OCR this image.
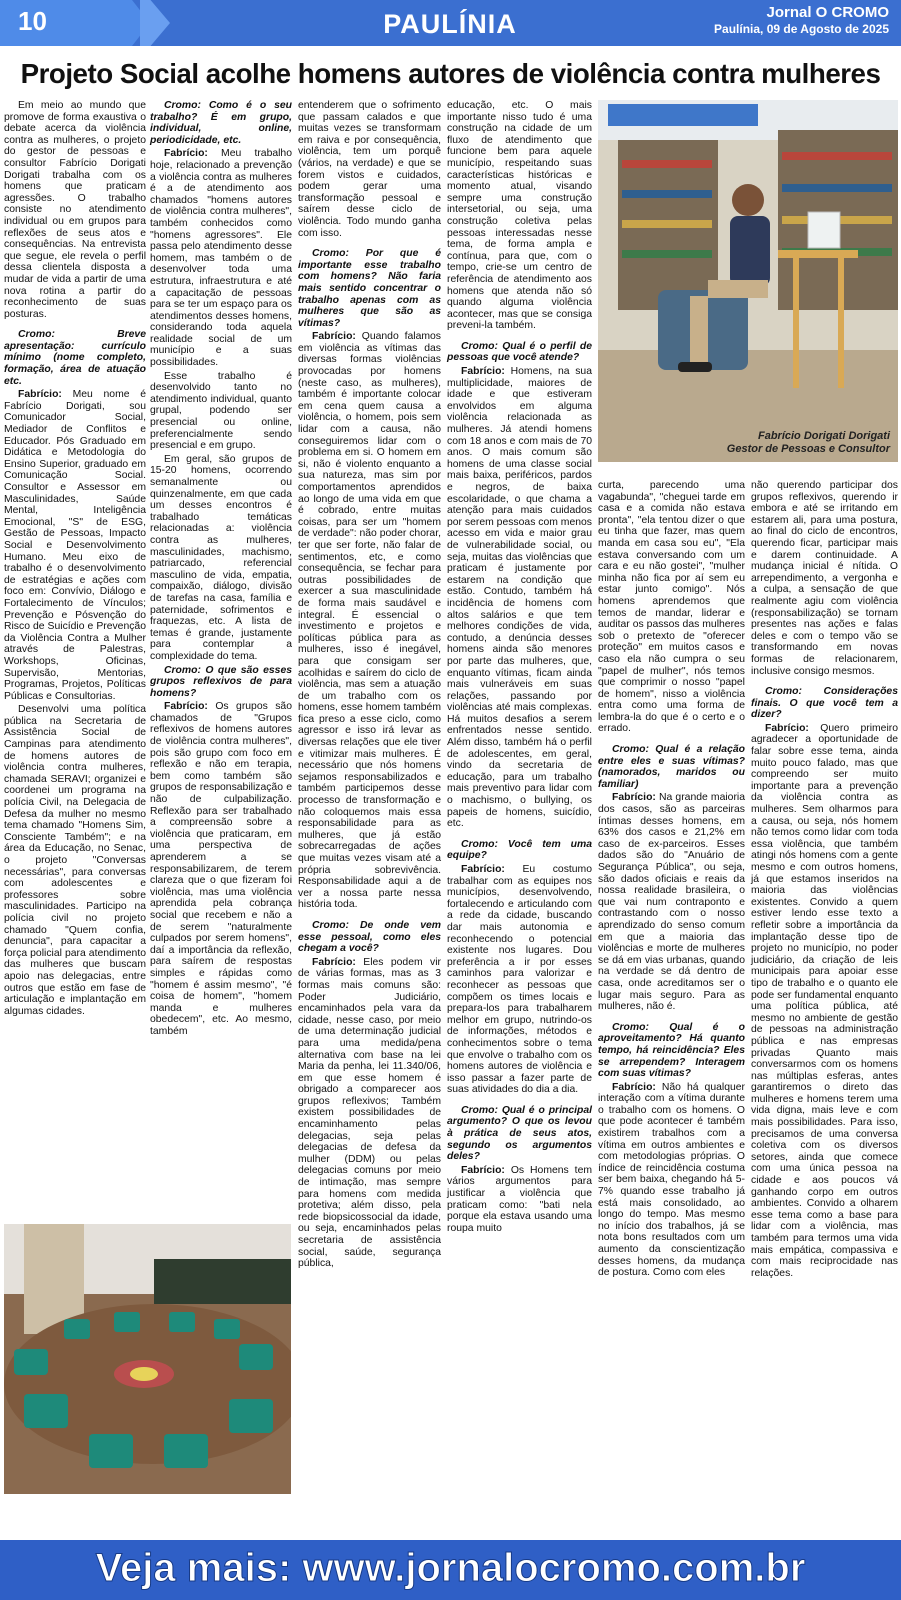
10	PAULÍNIA	Jornal O CROMO
Paulínia, 09 de Agosto de 2025
Projeto Social acolhe homens autores de violência contra mulheres

Em meio ao mundo que promove de forma exaustiva o debate acerca da violência contra as mulheres, o projeto do gestor de pessoas e consultor Fabrício Dorigati Dorigati trabalha com os homens que praticam agressões. O trabalho consiste no atendimento individual ou em grupos para reflexões de seus atos e consequências. Na entrevista que segue, ele revela o perfil dessa clientela disposta a mudar de vida a partir de uma nova rotina a partir do reconhecimento de suas posturas.

Cromo: Breve apresentação: currículo mínimo (nome completo, formação, área de atuação etc.

Fabrício: Meu nome é Fabrício Dorigati, sou Comunicador Social, Mediador de Conflitos e Educador. Pós Graduado em Didática e Metodologia do Ensino Superior, graduado em Comunicação Social. Consultor e Assessor em Masculinidades, Saúde Mental, Inteligência Emocional, "S" de ESG, Gestão de Pessoas, Impacto Social e Desenvolvimento Humano. Meu eixo de trabalho é o desenvolvimento de estratégias e ações com foco em: Convívio, Diálogo e Fortalecimento de Vínculos; Prevenção e Pósvenção do Risco de Suicídio e Prevenção da Violência Contra a Mulher através de Palestras, Workshops, Oficinas, Supervisão, Mentorias, Programas, Projetos, Políticas Públicas e Consultorias.

Desenvolvi uma política pública na Secretaria de Assistência Social de Campinas para atendimento de homens autores de violência contra mulheres, chamada SERAVI; organizei e coordenei um programa na polícia Civil, na Delegacia de Defesa da mulher no mesmo tema chamado "Homens Sim, Consciente Também"; e na área da Educação, no Senac, o projeto "Conversas necessárias", para conversas com adolescentes e professores sobre masculinidades. Participo na polícia civil no projeto chamado "Quem confia, denuncia", para capacitar a força policial para atendimento das mulheres que buscam apoio nas delegacias, entre outros que estão em fase de articulação e implantação em algumas cidades.

Cromo: Como é o seu trabalho? É em grupo, individual, online, periodicidade, etc.

Fabrício: Meu trabalho hoje, relacionado a prevenção a violência contra as mulheres é a de atendimento aos chamados "homens autores de violência contra mulheres", também conhecidos como "homens agressores". Ele passa pelo atendimento desse homem, mas também o de desenvolver toda uma estrutura, infraestrutura e até a capacitação de pessoas para se ter um espaço para os atendimentos desses homens, considerando toda aquela realidade social de um município e a suas possibilidades.

Esse trabalho é desenvolvido tanto no atendimento individual, quanto grupal, podendo ser presencial ou online, preferencialmente sendo presencial e em grupo.

Em geral, são grupos de 15-20 homens, ocorrendo semanalmente ou quinzenalmente, em que cada um desses encontros é trabalhado temáticas relacionadas a: violência contra as mulheres, masculinidades, machismo, patriarcado, referencial masculino de vida, empatia, compaixão, diálogo, divisão de tarefas na casa, família e paternidade, sofrimentos e fraquezas, etc. A lista de temas é grande, justamente para contemplar a complexidade do tema.

Cromo: O que são esses grupos reflexivos de para homens?

Fabrício: Os grupos são chamados de "Grupos reflexivos de homens autores de violência contra mulheres", pois são grupo com foco em reflexão e não em terapia, bem como também são grupos de responsabilização e não de culpabilização. Reflexão para ser trabalhado a compreensão sobre a violência que praticaram, em uma perspectiva de aprenderem a se responsabilizarem, de terem clareza que o que fizeram foi violência, mas uma violência aprendida pela cobrança social que recebem e não a de serem "naturalmente culpados por serem homens", daí a importância da reflexão, para saírem de respostas simples e rápidas como "homem é assim mesmo", "é coisa de homem", "homem manda e mulheres obedecem", etc. Ao mesmo, também

entenderem que o sofrimento que passam calados e que muitas vezes se transformam em raiva e por consequência, violência, tem um porquê (vários, na verdade) e que se forem vistos e cuidados, podem gerar uma transformação pessoal e saírem desse ciclo de violência. Todo mundo ganha com isso.

Cromo: Por que é importante esse trabalho com homens? Não faria mais sentido concentrar o trabalho apenas com as mulheres que são as vítimas?

Fabrício: Quando falamos em violência as vítimas das diversas formas violências provocadas por homens (neste caso, as mulheres), também é importante colocar em cena quem causa a violência, o homem, pois sem lidar com a causa, não conseguiremos lidar com o problema em si. O homem em si, não é violento enquanto a sua natureza, mas sim por comportamentos aprendidos ao longo de uma vida em que é cobrado, entre muitas coisas, para ser um "homem de verdade": não poder chorar, ter que ser forte, não falar de sentimentos, etc, e como consequência, se fechar para outras possibilidades de exercer a sua masculinidade de forma mais saudável e integral. É essencial o investimento e projetos e políticas pública para as mulheres, isso é inegável, para que consigam ser acolhidas e saírem do ciclo de violência, mas sem a atuação de um trabalho com os homens, esse homem também fica preso a esse ciclo, como agressor e isso irá levar as diversas relações que ele tiver e vitimizar mais mulheres. É necessário que nós homens sejamos responsabilizados e também participemos desse processo de transformação e não coloquemos mais essa responsabilidade para as mulheres, que já estão sobrecarregadas de ações que muitas vezes visam até a própria sobrevivência. Responsabilidade aqui a de ver a nossa parte nessa história toda.

Cromo: De onde vem esse pessoal, como eles chegam a você?

Fabrício: Eles podem vir de várias formas, mas as 3 formas mais comuns são: Poder Judiciário, encaminhados pela vara da cidade, nesse caso, por meio de uma determinação judicial para uma medida/pena alternativa com base na lei Maria da penha, lei 11.340/06, em que esse homem é obrigado a comparecer aos grupos reflexivos; Também existem possibilidades de encaminhamento pelas delegacias, seja pelas delegacias de defesa da mulher (DDM) ou pelas delegacias comuns por meio de intimação, mas sempre para homens com medida protetiva; além disso, pela rede biopsicossocial da idade, ou seja, encaminhados pelas secretaria de assistência social, saúde, segurança pública,

educação, etc. O mais importante nisso tudo é uma construção na cidade de um fluxo de atendimento que funcione bem para aquele município, respeitando suas características históricas e momento atual, visando sempre uma construção intersetorial, ou seja, uma construção coletiva pelas pessoas interessadas nesse tema, de forma ampla e contínua, para que, com o tempo, crie-se um centro de referência de atendimento aos homens que atenda não só quando alguma violência acontecer, mas que se consiga preveni-la também.

Cromo: Qual é o perfil de pessoas que você atende?

Fabrício: Homens, na sua multiplicidade, maiores de idade e que estiveram envolvidos em alguma violência relacionada as mulheres. Já atendi homens com 18 anos e com mais de 70 anos. O mais comum são homens de uma classe social mais baixa, periféricos, pardos e negros, de baixa escolaridade, o que chama a atenção para mais cuidados por serem pessoas com menos acesso em vida e maior grau de vulnerabilidade social, ou seja, muitas das violências que praticam é justamente por estarem na condição que estão. Contudo, também há incidência de homens com altos salários e que tem melhores condições de vida, contudo, a denúncia desses homens ainda são menores por parte das mulheres, que, enquanto vítimas, ficam ainda mais vulneráveis em suas relações, passando por violências até mais complexas. Há muitos desafios a serem enfrentados nesse sentido. Além disso, também há o perfil de adolescentes, em geral, vindo da secretaria de educação, para um trabalho mais preventivo para lidar com o machismo, o bullying, os papeis de homens, suicídio, etc.

Cromo: Você tem uma equipe?

Fabrício: Eu costumo trabalhar com as equipes nos municípios, desenvolvendo, fortalecendo e articulando com a rede da cidade, buscando dar mais autonomia e reconhecendo o potencial existente nos lugares. Dou preferência a ir por esses caminhos para valorizar e reconhecer as pessoas que compõem os times locais e prepara-los para trabalharem melhor em grupo, nutrindo-os de informações, métodos e conhecimentos sobre o tema que envolve o trabalho com os homens autores de violência e isso passar a fazer parte de suas atividades do dia a dia.

Cromo: Qual é o principal argumento? O que os levou à prática de seus atos, segundo os argumentos deles?

Fabrício: Os Homens tem vários argumentos para justificar a violência que praticam como: "bati nela porque ela estava usando uma roupa muito

curta, parecendo uma vagabunda", "cheguei tarde em casa e a comida não estava pronta", "ela tentou dizer o que eu tinha que fazer, mas quem manda em casa sou eu", "Ela estava conversando com um cara e eu não gostei", "mulher minha não fica por aí sem eu estar junto comigo". Nós homens aprendemos que temos de mandar, liderar e auditar os passos das mulheres sob o pretexto de "oferecer proteção" em muitos casos e caso ela não cumpra o seu "papel de mulher", nós temos que comprimir o nosso "papel de homem", nisso a violência entra como uma forma de lembra-la do que é o certo e o errado.

Cromo: Qual é a relação entre eles e suas vítimas? (namorados, maridos ou familiar)

Fabrício: Na grande maioria dos casos, são as parceiras íntimas desses homens, em 63% dos casos e 21,2% em caso de ex-parceiros. Esses dados são do "Anuário de Segurança Pública", ou seja, são dados oficiais e reais da nossa realidade brasileira, o que vai num contraponto e contrastando com o nosso aprendizado do senso comum em que a maioria das violências e morte de mulheres se dá em vias urbanas, quando na verdade se dá dentro de casa, onde acreditamos ser o lugar mais seguro. Para as mulheres, não é.

Cromo: Qual é o aproveitamento? Há quanto tempo, há reincidência? Eles se arrependem? Interagem com suas vítimas?

Fabrício: Não há qualquer interação com a vítima durante o trabalho com os homens. O que pode acontecer é também existirem trabalhos com a vítima em outros ambientes e com metodologias próprias. O índice de reincidência costuma ser bem baixa, chegando há 5-7% quando esse trabalho já está mais consolidado, ao longo do tempo. Mas mesmo no início dos trabalhos, já se nota bons resultados com um aumento da conscientização desses homens, da mudança de postura. Como com eles

não querendo participar dos grupos reflexivos, querendo ir embora e até se irritando em estarem ali, para uma postura, ao final do ciclo de encontros, querendo ficar, participar mais e darem continuidade. A mudança inicial é nítida. O arrependimento, a vergonha e a culpa, a sensação de que realmente agiu com violência (responsabilização) se tornam presentes nas ações e falas deles e com o tempo vão se transformando em novas formas de relacionarem, inclusive consigo mesmos.

Cromo: Considerações finais. O que você tem a dizer?

Fabrício: Quero primeiro agradecer a oportunidade de falar sobre esse tema, ainda muito pouco falado, mas que compreendo ser muito importante para a prevenção da violência contra as mulheres. Sem olharmos para a causa, ou seja, nós homem não temos como lidar com toda essa violência, que também atingi nós homens com a gente mesmo e com outros homens, já que estamos inseridos na maioria das violências existentes. Convido a quem estiver lendo esse texto a refletir sobre a importância da implantação desse tipo de projeto no município, no poder judiciário, da criação de leis municipais para apoiar esse tipo de trabalho e o quanto ele pode ser fundamental enquanto uma política pública, até mesmo no ambiente de gestão de pessoas na administração pública e nas empresas privadas Quanto mais conversarmos com os homens nas múltiplas esferas, antes garantiremos o direto das mulheres e homens terem uma vida digna, mais leve e com mais possibilidades. Para isso, precisamos de uma conversa coletiva com os diversos setores, ainda que comece com uma única pessoa na cidade e aos poucos vá ganhando corpo em outros ambientes. Convido a olharem esse tema como a base para lidar com a violência, mas também para termos uma vida mais empática, compassiva e com mais reciprocidade nas relações.

Fabrício Dorigati Dorigati
Gestor de Pessoas e Consultor
Veja mais: www.jornalocromo.com.br
